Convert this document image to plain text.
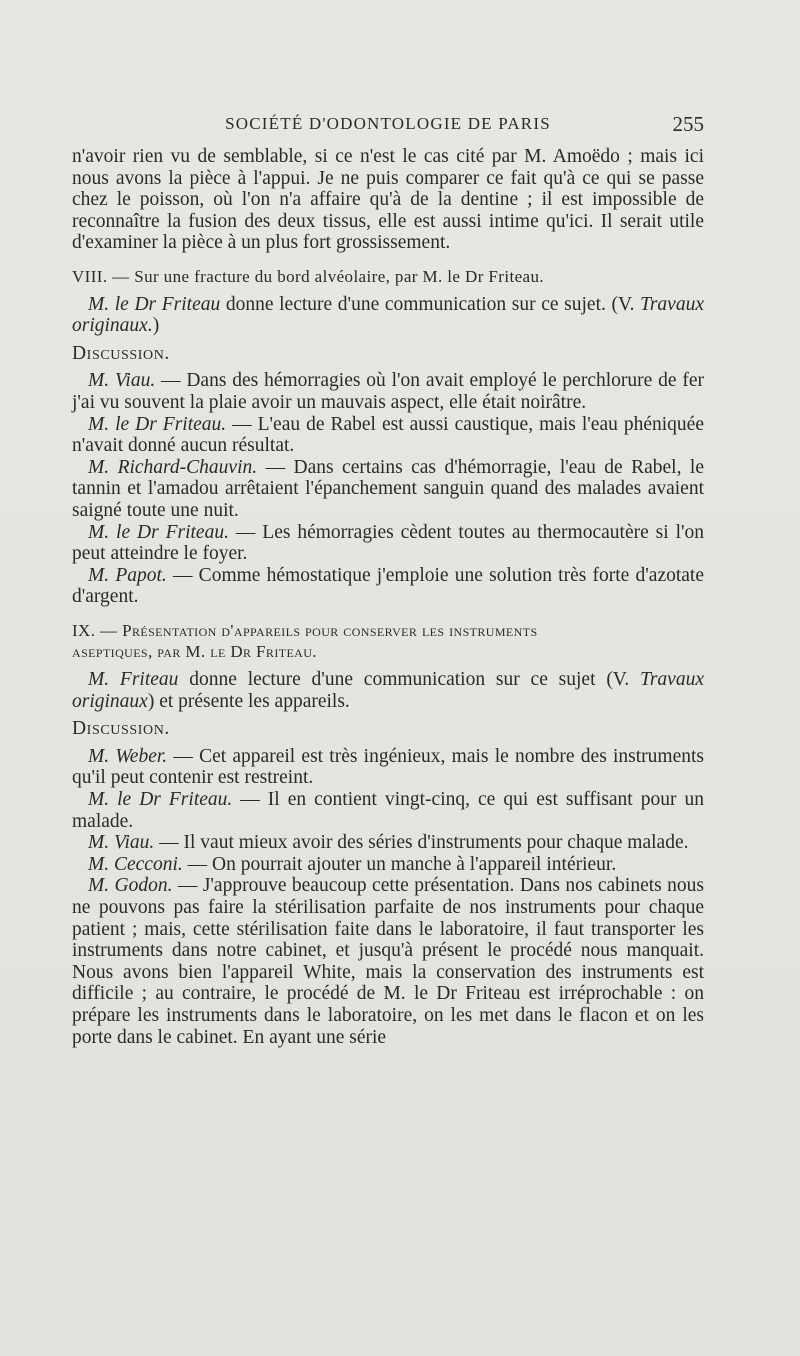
SOCIÉTÉ D'ODONTOLOGIE DE PARIS	255

n'avoir rien vu de semblable, si ce n'est le cas cité par M. Amoëdo ; mais ici nous avons la pièce à l'appui. Je ne puis comparer ce fait qu'à ce qui se passe chez le poisson, où l'on n'a affaire qu'à de la dentine ; il est impossible de reconnaître la fusion des deux tissus, elle est aussi intime qu'ici. Il serait utile d'examiner la pièce à un plus fort grossissement.

VIII. — Sur une fracture du bord alvéolaire, par M. le Dr Friteau.

M. le Dr Friteau donne lecture d'une communication sur ce sujet. (V. Travaux originaux.)

Discussion.

M. Viau. — Dans des hémorragies où l'on avait employé le perchlorure de fer j'ai vu souvent la plaie avoir un mauvais aspect, elle était noirâtre.

M. le Dr Friteau. — L'eau de Rabel est aussi caustique, mais l'eau phéniquée n'avait donné aucun résultat.

M. Richard-Chauvin. — Dans certains cas d'hémorragie, l'eau de Rabel, le tannin et l'amadou arrêtaient l'épanchement sanguin quand des malades avaient saigné toute une nuit.

M. le Dr Friteau. — Les hémorragies cèdent toutes au thermocautère si l'on peut atteindre le foyer.

M. Papot. — Comme hémostatique j'emploie une solution très forte d'azotate d'argent.

IX. — Présentation d'appareils pour conserver les instruments

aseptiques, par M. le Dr Friteau.

M. Friteau donne lecture d'une communication sur ce sujet (V. Travaux originaux) et présente les appareils.

Discussion.

M. Weber. — Cet appareil est très ingénieux, mais le nombre des instruments qu'il peut contenir est restreint.

M. le Dr Friteau. — Il en contient vingt-cinq, ce qui est suffisant pour un malade.

M. Viau. — Il vaut mieux avoir des séries d'instruments pour chaque malade.

M. Cecconi. — On pourrait ajouter un manche à l'appareil intérieur.

M. Godon. — J'approuve beaucoup cette présentation. Dans nos cabinets nous ne pouvons pas faire la stérilisation parfaite de nos instruments pour chaque patient ; mais, cette stérilisation faite dans le laboratoire, il faut transporter les instruments dans notre cabinet, et jusqu'à présent le procédé nous manquait. Nous avons bien l'appareil White, mais la conservation des instruments est difficile ; au contraire, le procédé de M. le Dr Friteau est irréprochable : on prépare les instruments dans le laboratoire, on les met dans le flacon et on les porte dans le cabinet. En ayant une série
